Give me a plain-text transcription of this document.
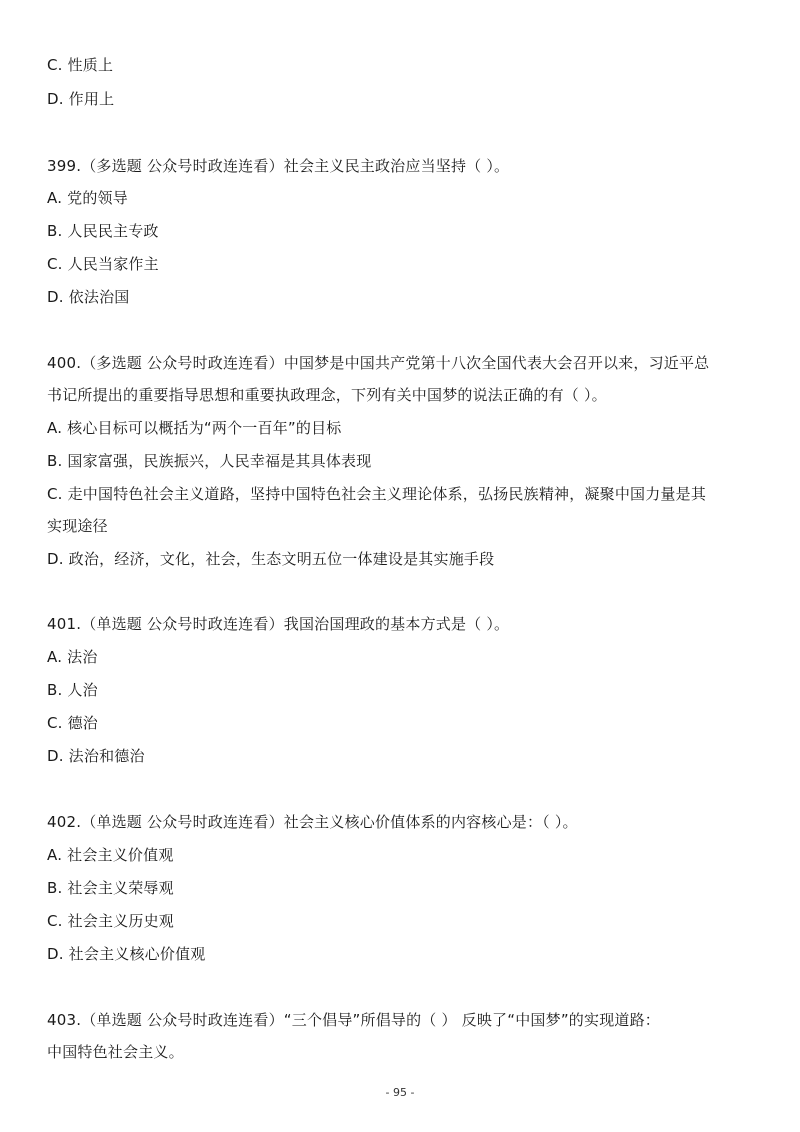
C. 性质上
D. 作用上
399.（多选题 公众号时政连连看）社会主义民主政治应当坚持（ ）。
A. 党的领导
B. 人民民主专政
C. 人民当家作主
D. 依法治国
400.（多选题 公众号时政连连看）中国梦是中国共产党第十八次全国代表大会召开以来，习近平总
书记所提出的重要指导思想和重要执政理念，下列有关中国梦的说法正确的有（ ）。
A. 核心目标可以概括为“两个一百年”的目标
B. 国家富强，民族振兴，人民幸福是其具体表现
C. 走中国特色社会主义道路，坚持中国特色社会主义理论体系，弘扬民族精神，凝聚中国力量是其
实现途径
D. 政治，经济，文化，社会，生态文明五位一体建设是其实施手段
401.（单选题 公众号时政连连看）我国治国理政的基本方式是（ ）。
A. 法治
B. 人治
C. 德治
D. 法治和德治
402.（单选题 公众号时政连连看）社会主义核心价值体系的内容核心是：（ ）。
A. 社会主义价值观
B. 社会主义荣辱观
C. 社会主义历史观
D. 社会主义核心价值观
403.（单选题 公众号时政连连看）“三个倡导”所倡导的（ ） 反映了“中国梦”的实现道路：
中国特色社会主义。
- 95 -
